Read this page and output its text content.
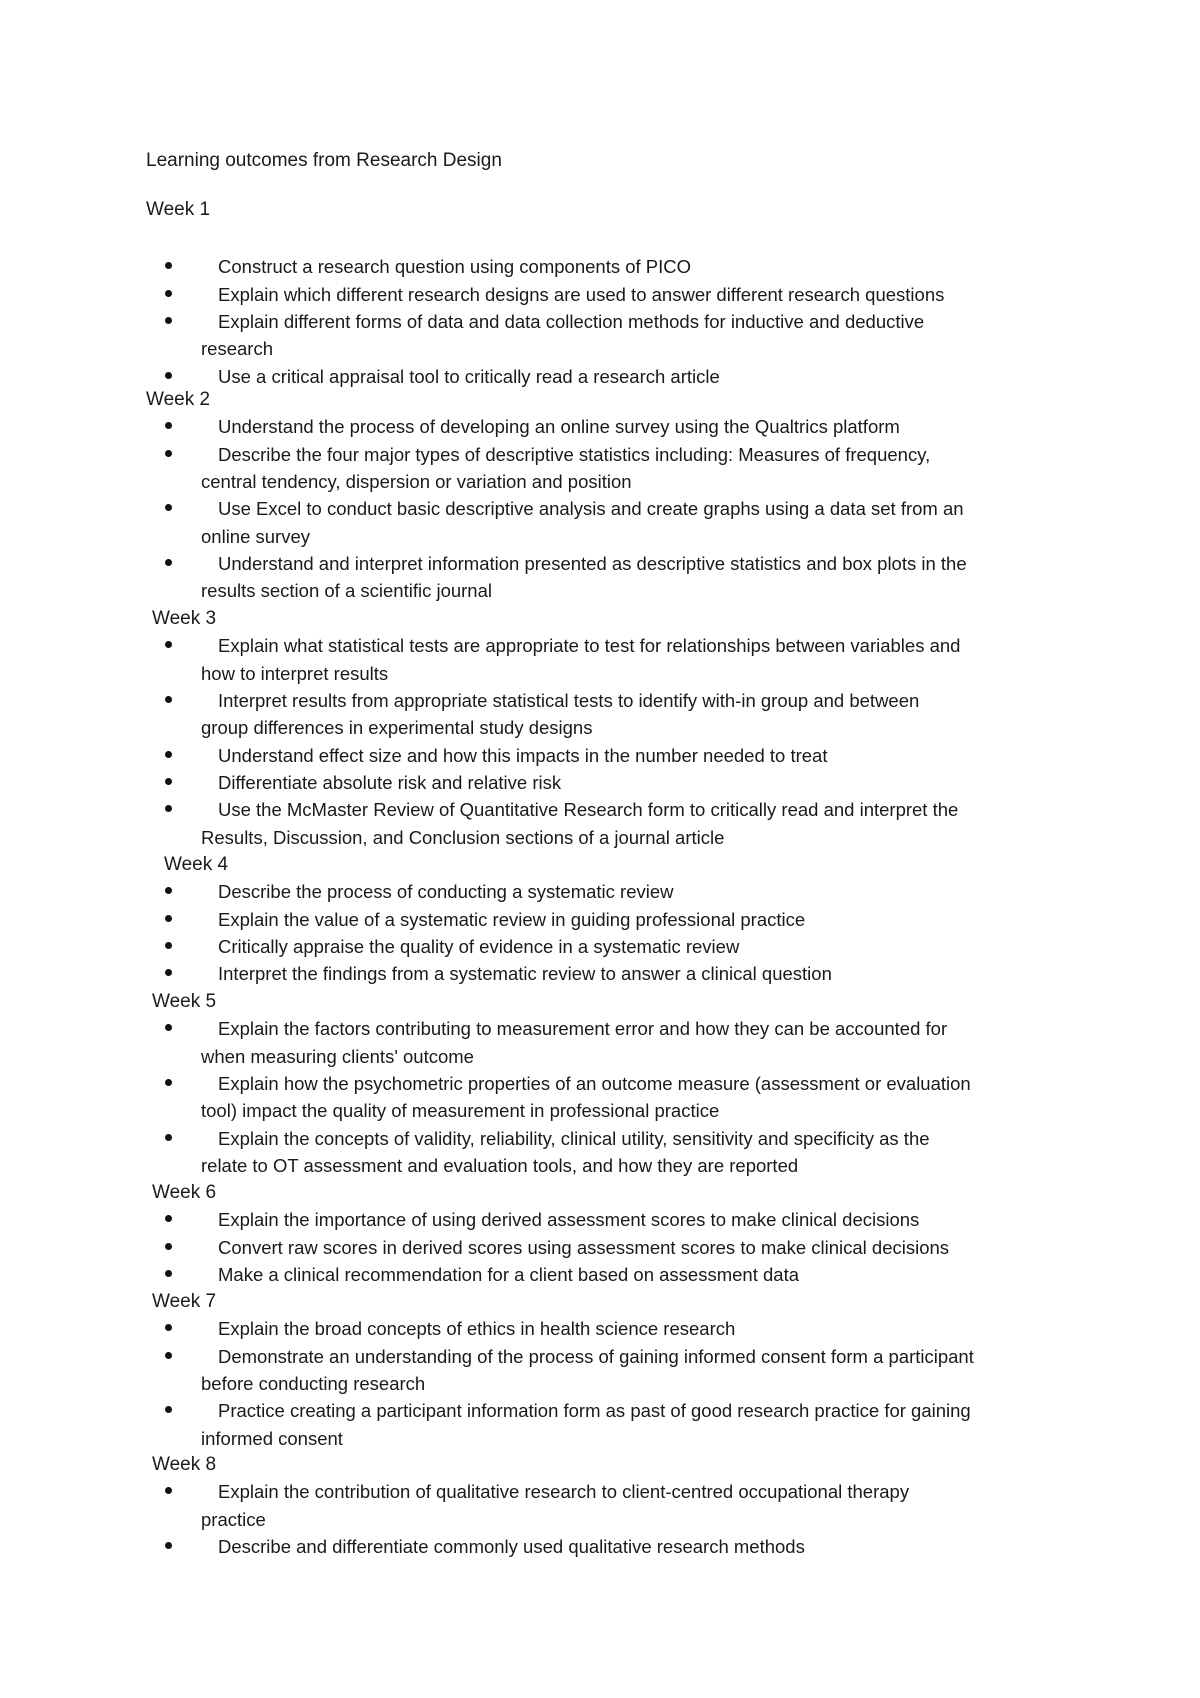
Learning outcomes from Research Design
Week 1
Construct a research question using components of PICO
Explain which different research designs are used to answer different research questions
Explain different forms of data and data collection methods for inductive and deductive
research
Use a critical appraisal tool to critically read a research article
Week 2
Understand the process of developing an online survey using the Qualtrics platform
Describe the four major types of descriptive statistics including: Measures of frequency,
central tendency, dispersion or variation and position
Use Excel to conduct basic descriptive analysis and create graphs using a data set from an
online survey
Understand and interpret information presented as descriptive statistics and box plots in the
results section of a scientific journal
Week 3
Explain what statistical tests are appropriate to test for relationships between variables and
how to interpret results
Interpret results from appropriate statistical tests to identify with-in group and between
group differences in experimental study designs
Understand effect size and how this impacts in the number needed to treat
Differentiate absolute risk and relative risk
Use the McMaster Review of Quantitative Research form to critically read and interpret the
Results, Discussion, and Conclusion sections of a journal article
Week 4
Describe the process of conducting a systematic review
Explain the value of a systematic review in guiding professional practice
Critically appraise the quality of evidence in a systematic review
Interpret the findings from a systematic review to answer a clinical question
Week 5
Explain the factors contributing to measurement error and how they can be accounted for
when measuring clients' outcome
Explain how the psychometric properties of an outcome measure (assessment or evaluation
tool) impact the quality of measurement in professional practice
Explain the concepts of validity, reliability, clinical utility, sensitivity and specificity as the
relate to OT assessment and evaluation tools, and how they are reported
Week 6
Explain the importance of using derived assessment scores to make clinical decisions
Convert raw scores in derived scores using assessment scores to make clinical decisions
Make a clinical recommendation for a client based on assessment data
Week 7
Explain the broad concepts of ethics in health science research
Demonstrate an understanding of the process of gaining informed consent form a participant
before conducting research
Practice creating a participant information form as past of good research practice for gaining
informed consent
Week 8
Explain the contribution of qualitative research to client-centred occupational therapy
practice
Describe and differentiate commonly used qualitative research methods
